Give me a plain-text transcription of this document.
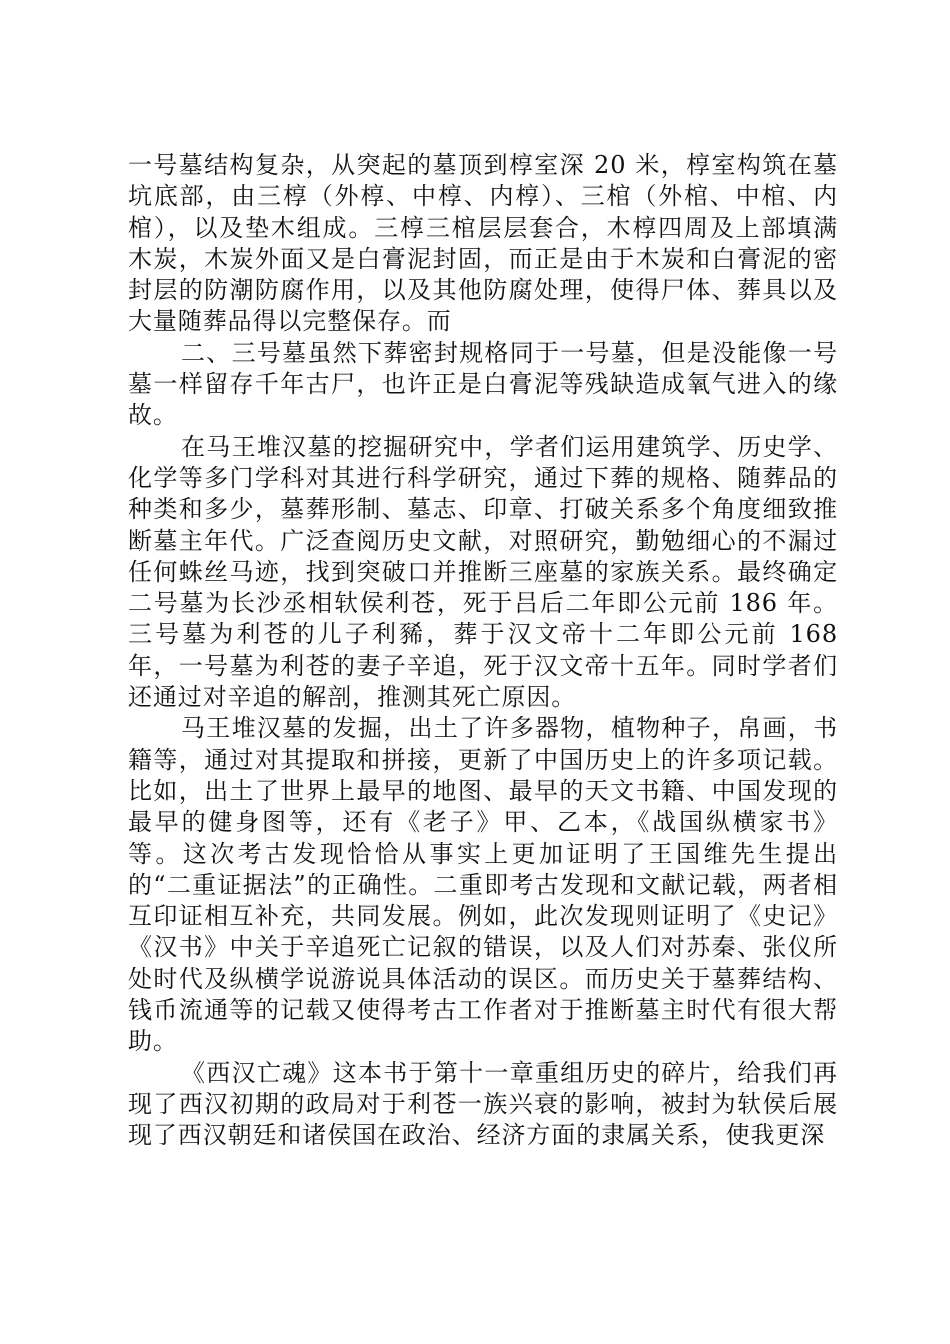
一号墓结构复杂，从突起的墓顶到椁室深 20 米，椁室构筑在墓坑底部，由三椁（外椁、中椁、内椁）、三棺（外棺、中棺、内棺），以及垫木组成。三椁三棺层层套合，木椁四周及上部填满木炭，木炭外面又是白膏泥封固，而正是由于木炭和白膏泥的密封层的防潮防腐作用，以及其他防腐处理，使得尸体、葬具以及大量随葬品得以完整保存。而

二、三号墓虽然下葬密封规格同于一号墓，但是没能像一号墓一样留存千年古尸，也许正是白膏泥等残缺造成氧气进入的缘故。

在马王堆汉墓的挖掘研究中，学者们运用建筑学、历史学、化学等多门学科对其进行科学研究，通过下葬的规格、随葬品的种类和多少，墓葬形制、墓志、印章、打破关系多个角度细致推断墓主年代。广泛查阅历史文献，对照研究，勤勉细心的不漏过任何蛛丝马迹，找到突破口并推断三座墓的家族关系。最终确定二号墓为长沙丞相轪侯利苍，死于吕后二年即公元前 186 年。三号墓为利苍的儿子利豨，葬于汉文帝十二年即公元前 168 年，一号墓为利苍的妻子辛追，死于汉文帝十五年。同时学者们还通过对辛追的解剖，推测其死亡原因。

马王堆汉墓的发掘，出土了许多器物，植物种子，帛画，书籍等，通过对其提取和拼接，更新了中国历史上的许多项记载。比如，出土了世界上最早的地图、最早的天文书籍、中国发现的最早的健身图等，还有《老子》甲、乙本，《战国纵横家书》等。这次考古发现恰恰从事实上更加证明了王国维先生提出的“二重证据法”的正确性。二重即考古发现和文献记载，两者相互印证相互补充，共同发展。例如，此次发现则证明了《史记》《汉书》中关于辛追死亡记叙的错误，以及人们对苏秦、张仪所处时代及纵横学说游说具体活动的误区。而历史关于墓葬结构、钱币流通等的记载又使得考古工作者对于推断墓主时代有很大帮助。

《西汉亡魂》这本书于第十一章重组历史的碎片，给我们再现了西汉初期的政局对于利苍一族兴衰的影响，被封为轪侯后展现了西汉朝廷和诸侯国在政治、经济方面的隶属关系，使我更深
